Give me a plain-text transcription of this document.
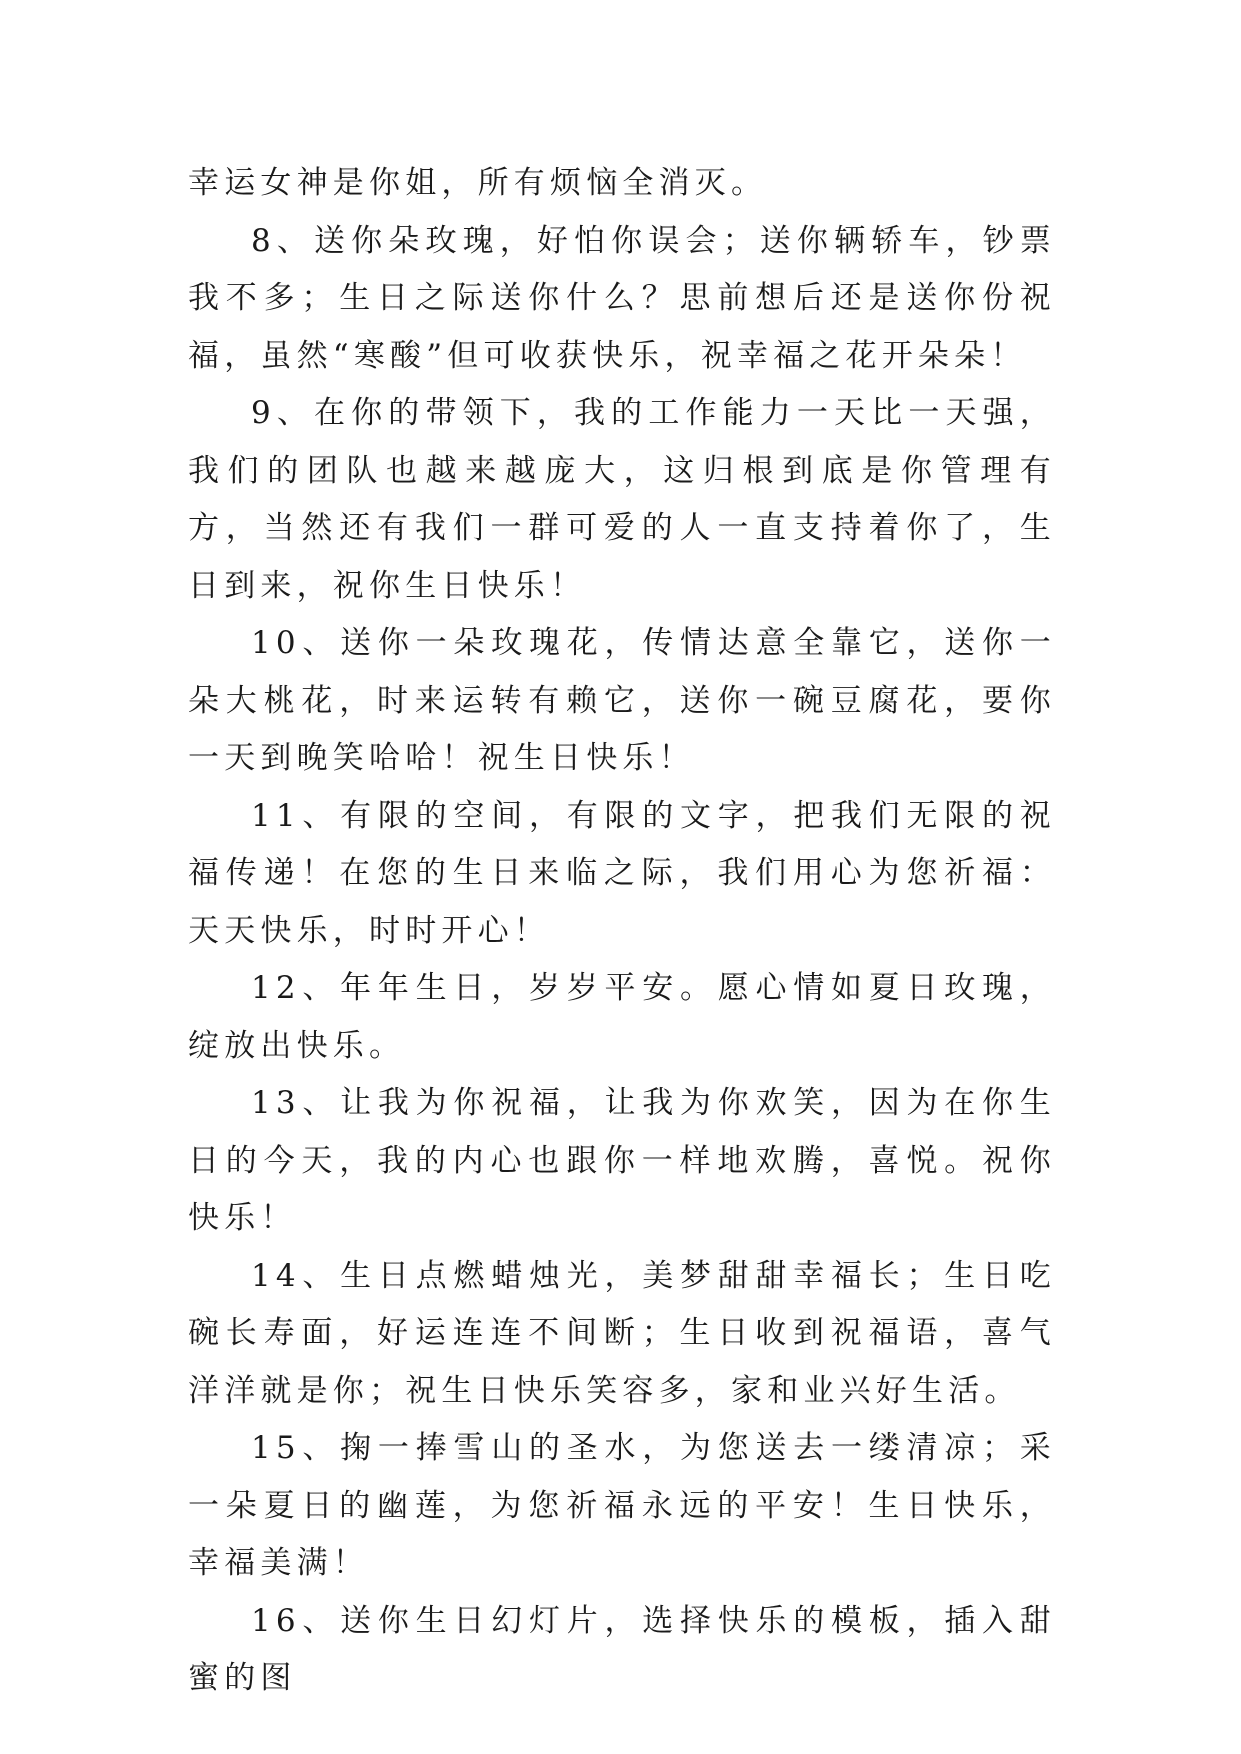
幸运女神是你姐，所有烦恼全消灭。

8、送你朵玫瑰，好怕你误会；送你辆轿车，钞票我不多；生日之际送你什么？思前想后还是送你份祝福，虽然“寒酸”但可收获快乐，祝幸福之花开朵朵！

9、在你的带领下，我的工作能力一天比一天强，我们的团队也越来越庞大，这归根到底是你管理有方，当然还有我们一群可爱的人一直支持着你了，生日到来，祝你生日快乐！

10、送你一朵玫瑰花，传情达意全靠它，送你一朵大桃花，时来运转有赖它，送你一碗豆腐花，要你一天到晚笑哈哈！祝生日快乐！

11、有限的空间，有限的文字，把我们无限的祝福传递！在您的生日来临之际，我们用心为您祈福：天天快乐，时时开心！

12、年年生日，岁岁平安。愿心情如夏日玫瑰，绽放出快乐。

13、让我为你祝福，让我为你欢笑，因为在你生日的今天，我的内心也跟你一样地欢腾，喜悦。祝你快乐！

14、生日点燃蜡烛光，美梦甜甜幸福长；生日吃碗长寿面，好运连连不间断；生日收到祝福语，喜气洋洋就是你；祝生日快乐笑容多，家和业兴好生活。

15、掬一捧雪山的圣水，为您送去一缕清凉；采一朵夏日的幽莲，为您祈福永远的平安！生日快乐，幸福美满！

16、送你生日幻灯片，选择快乐的模板，插入甜蜜的图
